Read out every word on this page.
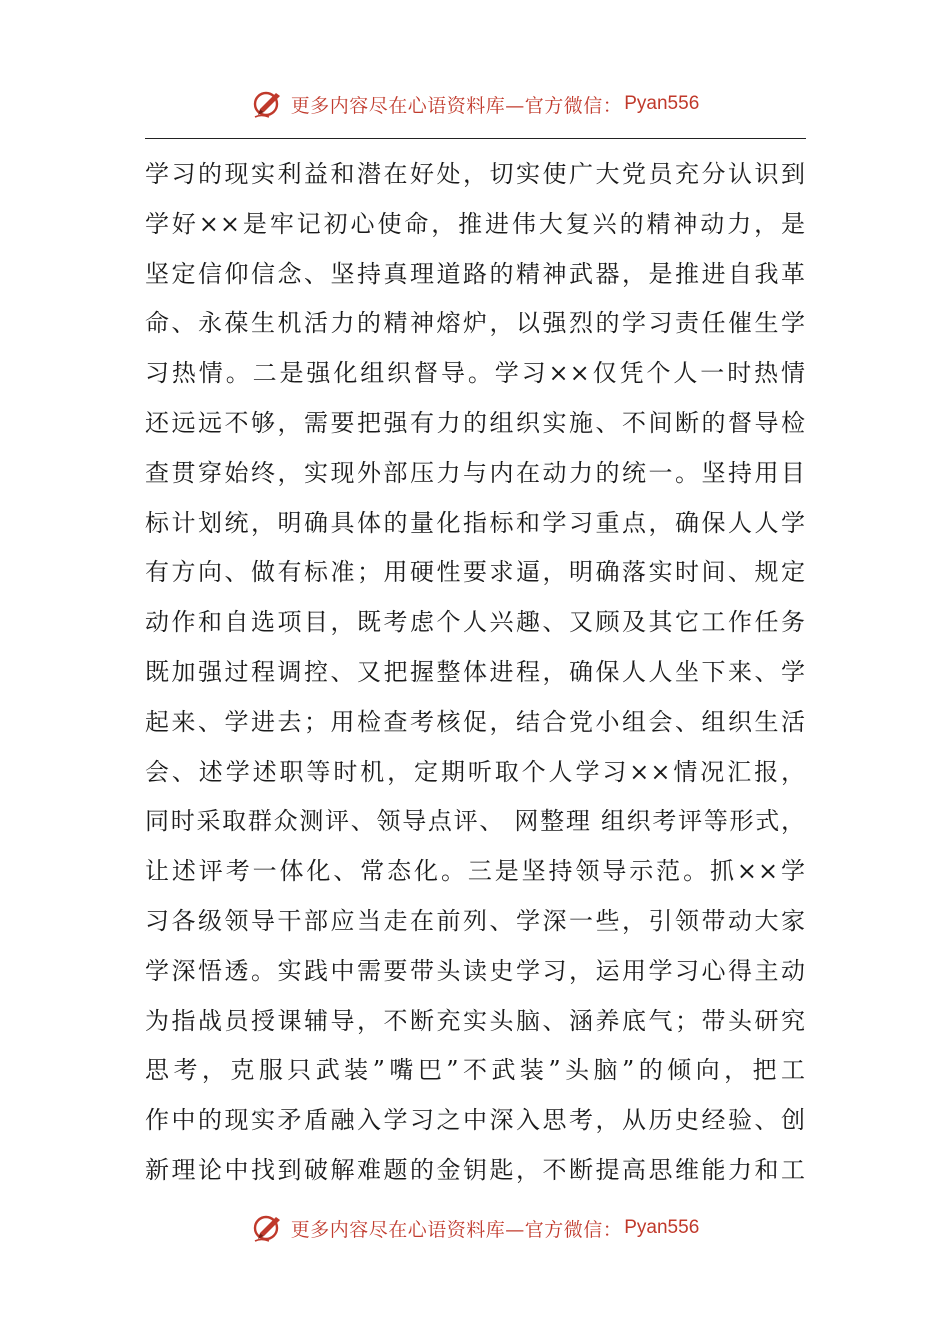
更多内容尽在心语资料库—官方微信： Pyan556
学习的现实利益和潜在好处，切实使广大党员充分认识到
学好××是牢记初心使命，推进伟大复兴的精神动力，是
坚定信仰信念、坚持真理道路的精神武器，是推进自我革
命、永葆生机活力的精神熔炉，以强烈的学习责任催生学
习热情。二是强化组织督导。学习××仅凭个人一时热情
还远远不够，需要把强有力的组织实施、不间断的督导检
查贯穿始终，实现外部压力与内在动力的统一。坚持用目
标计划统，明确具体的量化指标和学习重点，确保人人学
有方向、做有标准；用硬性要求逼，明确落实时间、规定
动作和自选项目，既考虑个人兴趣、又顾及其它工作任务
既加强过程调控、又把握整体进程，确保人人坐下来、学
起来、学进去；用检查考核促，结合党小组会、组织生活
会、述学述职等时机，定期听取个人学习××情况汇报，
同时采取群众测评、领导点评、 网整理 组织考评等形式，
让述评考一体化、常态化。三是坚持领导示范。抓××学
习各级领导干部应当走在前列、学深一些，引领带动大家
学深悟透。实践中需要带头读史学习，运用学习心得主动
为指战员授课辅导，不断充实头脑、涵养底气；带头研究
思考，克服只武装”嘴巴”不武装”头脑”的倾向，把工
作中的现实矛盾融入学习之中深入思考，从历史经验、创
新理论中找到破解难题的金钥匙，不断提高思维能力和工
更多内容尽在心语资料库—官方微信： Pyan556
